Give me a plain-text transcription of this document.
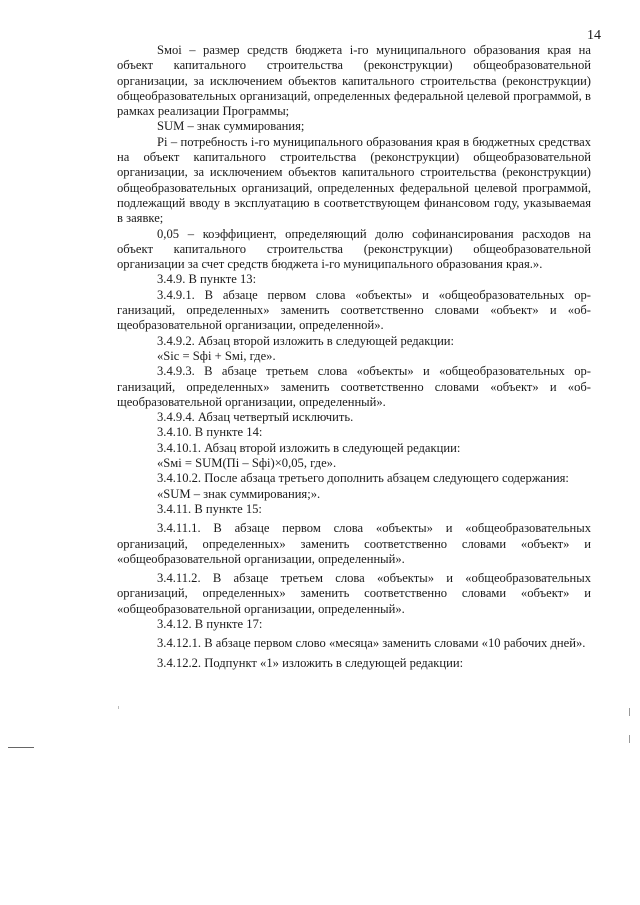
14

Sмоі – размер средств бюджета і-го муниципального образования края на объект капитального строительства (реконструкции) общеобразовательной организации, за исключением объектов капитального строительства (реконструкции) общеобразовательных организаций, определенных федеральной целевой программой, в рамках реализации Программы;

SUM – знак суммирования;

Pі – потребность і-го муниципального образования края в бюджетных средствах на объект капитального строительства (реконструкции) общеобразовательной организации, за исключением объектов капитального строительства (реконструкции) общеобразовательных организаций, определенных федеральной целевой программой, подлежащий вводу в эксплуатацию в соответствующем финансовом году, указываемая в заявке;

0,05 – коэффициент, определяющий долю софинансирования расходов на объект капитального строительства (реконструкции) общеобразовательной организации за счет средств бюджета і-го муниципального образования края.».

3.4.9. В пункте 13:

3.4.9.1. В абзаце первом слова «объекты» и «общеобразовательных организаций, определенных» заменить соответственно словами «объект» и «общеобразовательной организации, определенной».

3.4.9.2. Абзац второй изложить в следующей редакции:

«Sіс = Sфі + Sмі, где».

3.4.9.3. В абзаце третьем слова «объекты» и «общеобразовательных организаций, определенных» заменить соответственно словами «объект» и «общеобразовательной организации, определенный».

3.4.9.4. Абзац четвертый исключить.

3.4.10. В пункте 14:

3.4.10.1. Абзац второй изложить в следующей редакции:

«Sмі = SUM(Пі – Sфі)×0,05, где».

3.4.10.2. После абзаца третьего дополнить абзацем следующего содержания:

«SUM – знак суммирования;».

3.4.11. В пункте 15:

3.4.11.1. В абзаце первом слова «объекты» и «общеобразовательных организаций, определенных» заменить соответственно словами «объект» и «общеобразовательной организации, определенный».

3.4.11.2. В абзаце третьем слова «объекты» и «общеобразовательных организаций, определенных» заменить соответственно словами «объект» и «общеобразовательной организации, определенный».

3.4.12. В пункте 17:

3.4.12.1. В абзаце первом слово «месяца» заменить словами «10 рабочих дней».

3.4.12.2. Подпункт «1» изложить в следующей редакции:
